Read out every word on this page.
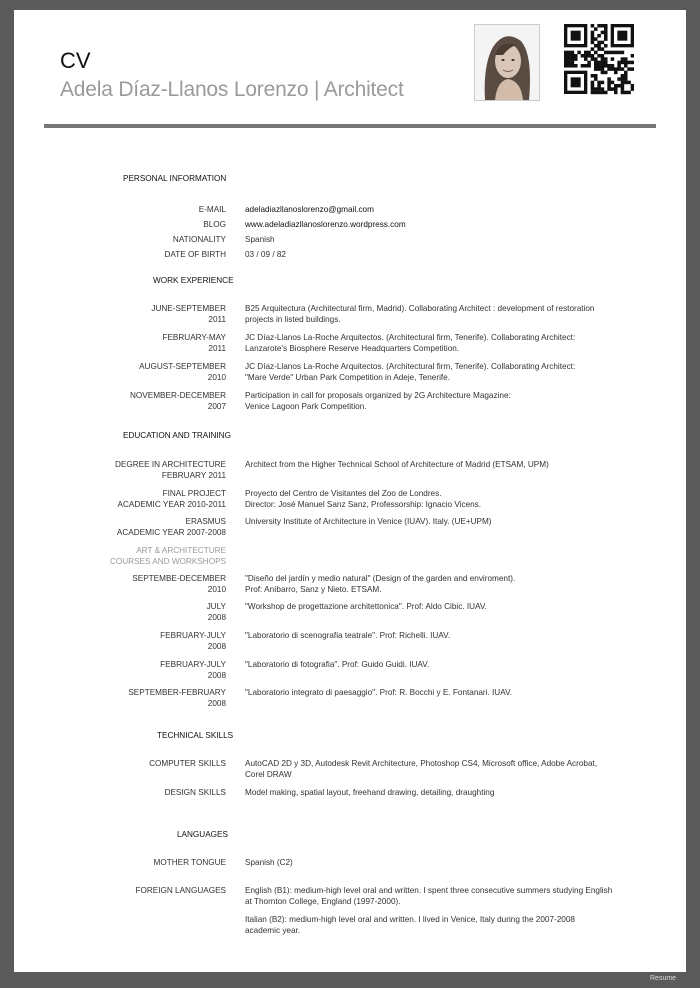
CV
Adela Díaz-Llanos Lorenzo | Architect
PERSONAL INFORMATION
E-MAIL adeladiazllanoslorenzo@gmail.com
BLOG www.adeladiazllanoslorenzo.wordpress.com
NATIONALITY Spanish
DATE OF BIRTH 03 / 09 / 82
WORK EXPERIENCE
JUNE-SEPTEMBER
2011
B25 Arquitectura (Architectural firm, Madrid). Collaborating Architect : development of restoration
projects in listed buildings.
FEBRUARY-MAY
2011
JC Díaz-Llanos La-Roche Arquitectos. (Architectural firm, Tenerife). Collaborating Architect:
Lanzarote's Biosphere Reserve Headquarters Competition.
AUGUST-SEPTEMBER
2010
JC Díaz-Llanos La-Roche Arquitectos. (Architectural firm, Tenerife). Collaborating Architect:
"Mare Verde" Urban Park Competition in Adeje, Tenerife.
NOVEMBER-DECEMBER
2007
Participation in call for proposals organized by 2G Architecture Magazine:
Venice Lagoon Park Competition.
EDUCATION AND TRAINING
DEGREE IN ARCHITECTURE
FEBRUARY 2011
Architect from the Higher Technical School of Architecture of Madrid (ETSAM, UPM)
FINAL PROJECT
ACADEMIC YEAR 2010-2011
Proyecto del Centro de Visitantes del Zoo de Londres.
Director: José Manuel Sanz Sanz, Professorship: Ignacio Vicens.
ERASMUS
ACADEMIC YEAR 2007-2008
University Institute of Architecture in Venice (IUAV). Italy. (UE+UPM)
ART & ARCHITECTURE
COURSES AND WORKSHOPS
SEPTEMBE-DECEMBER
2010
"Diseño del jardín y medio natural" (Design of the garden and enviroment).
Prof: Aníbarro, Sanz y Nieto. ETSAM.
JULY
2008
"Workshop de progettazione architettonica". Prof: Aldo Cibic. IUAV.
FEBRUARY-JULY
2008
"Laboratorio di scenografia teatrale". Prof: Richelli. IUAV.
FEBRUARY-JULY
2008
"Laboratorio di fotografia". Prof: Guido Guidi. IUAV.
SEPTEMBER-FEBRUARY
2008
"Laboratorio integrato di paesaggio". Prof: R. Bocchi y E. Fontanari. IUAV.
TECHNICAL SKILLS
COMPUTER SKILLS AutoCAD 2D y 3D, Autodesk Revit Architecture, Photoshop CS4, Microsoft office, Adobe Acrobat,
Corel DRAW
DESIGN SKILLS Model making, spatial layout, freehand drawing, detailing, draughting
LANGUAGES
MOTHER TONGUE Spanish (C2)
FOREIGN LANGUAGES English (B1): medium-high level oral and written. I spent three consecutive summers studying English
at Thornton College, England (1997-2000).
Italian (B2): medium-high level oral and written. I lived in Venice, Italy during the 2007-2008
academic year.
Resume
